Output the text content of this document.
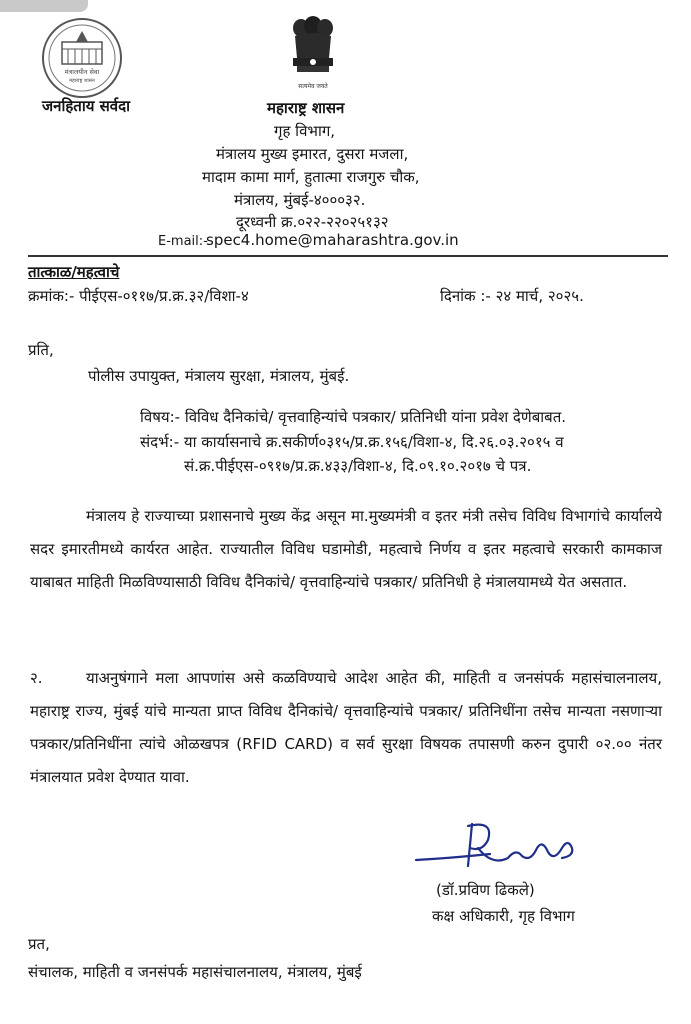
मंत्रालयीन सेवा
महाराष्ट्र शासन
जनहिताय सर्वदा
सत्यमेव जयते
महाराष्ट्र शासन
गृह विभाग,
मंत्रालय मुख्य इमारत, दुसरा मजला,
मादाम कामा मार्ग, हुतात्मा राजगुरु चौक,
मंत्रालय, मुंबई-४०००३२.
दूरध्वनी क्र.०२२-२२०२५१३२
E-mail:-
spec4.home@maharashtra.gov.in
तात्काळ/महत्वाचे
क्रमांक:- पीईएस-०११७/प्र.क्र.३२/विशा-४	दिनांक :- २४ मार्च, २०२५.
प्रति,
पोलीस उपायुक्त, मंत्रालय सुरक्षा, मंत्रालय, मुंबई.
विषय:- विविध दैनिकांचे/ वृत्तवाहिन्यांचे पत्रकार/ प्रतिनिधी यांना प्रवेश देणेबाबत.
संदर्भ:- या कार्यासनाचे क्र.सकीर्ण०३१५/प्र.क्र.१५६/विशा-४, दि.२६.०३.२०१५ व
सं.क्र.पीईएस-०९१७/प्र.क्र.४३३/विशा-४, दि.०९.१०.२०१७ चे पत्र.
मंत्रालय हे राज्याच्या प्रशासनाचे मुख्य केंद्र असून मा.मुख्यमंत्री व इतर मंत्री तसेच विविध विभागांचे कार्यालये सदर इमारतीमध्ये कार्यरत आहेत. राज्यातील विविध घडामोडी, महत्वाचे निर्णय व इतर महत्वाचे सरकारी कामकाज याबाबत माहिती मिळविण्यासाठी विविध दैनिकांचे/ वृत्तवाहिन्यांचे पत्रकार/ प्रतिनिधी हे मंत्रालयामध्ये येत असतात.
२.	याअनुषंगाने मला आपणांस असे कळविण्याचे आदेश आहेत की, माहिती व जनसंपर्क महासंचालनालय, महाराष्ट्र राज्य, मुंबई यांचे मान्यता प्राप्त विविध दैनिकांचे/ वृत्तवाहिन्यांचे पत्रकार/ प्रतिनिधींना तसेच मान्यता नसणाऱ्या पत्रकार/प्रतिनिधींना त्यांचे ओळखपत्र (RFID CARD) व सर्व सुरक्षा विषयक तपासणी करुन दुपारी ०२.०० नंतर मंत्रालयात प्रवेश देण्यात यावा.
(डॉ.प्रविण ढिकले)
कक्ष अधिकारी, गृह विभाग
प्रत,
संचालक, माहिती व जनसंपर्क महासंचालनालय, मंत्रालय, मुंबई
